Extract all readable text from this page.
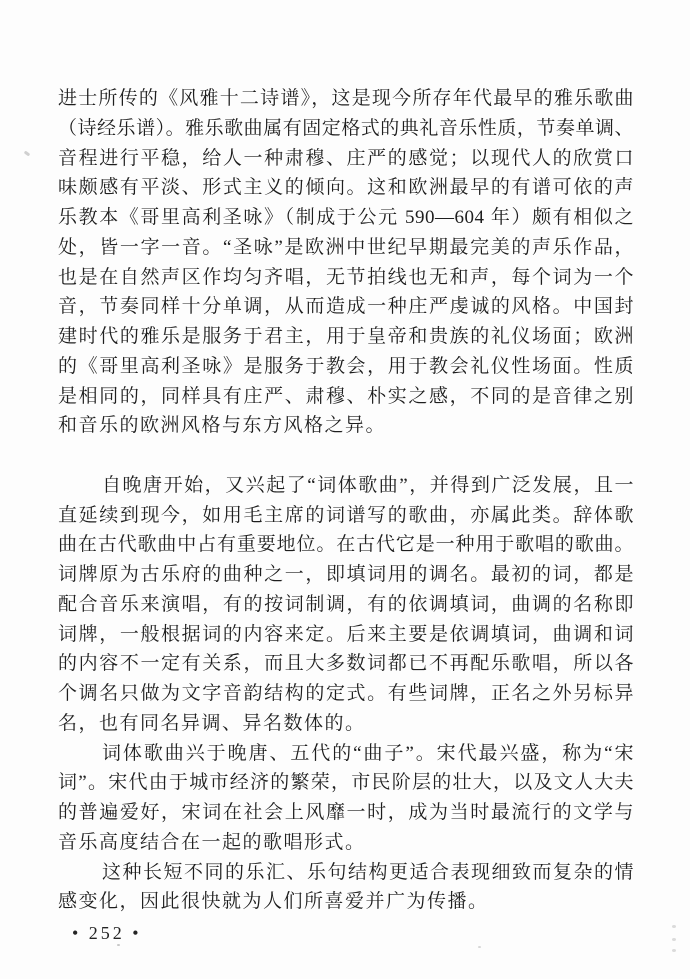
进士所传的《风雅十二诗谱》，这是现今所存年代最早的雅乐歌曲
（诗经乐谱）。雅乐歌曲属有固定格式的典礼音乐性质，节奏单调、
音程进行平稳，给人一种肃穆、庄严的感觉；以现代人的欣赏口
味颇感有平淡、形式主义的倾向。这和欧洲最早的有谱可依的声
乐教本《哥里高利圣咏》（制成于公元 590—604 年）颇有相似之
处，皆一字一音。“圣咏”是欧洲中世纪早期最完美的声乐作品，
也是在自然声区作均匀齐唱，无节拍线也无和声，每个词为一个
音，节奏同样十分单调，从而造成一种庄严虔诚的风格。中国封
建时代的雅乐是服务于君主，用于皇帝和贵族的礼仪场面；欧洲
的《哥里高利圣咏》是服务于教会，用于教会礼仪性场面。性质
是相同的，同样具有庄严、肃穆、朴实之感，不同的是音律之别
和音乐的欧洲风格与东方风格之异。

自晚唐开始，又兴起了“词体歌曲”，并得到广泛发展，且一
直延续到现今，如用毛主席的词谱写的歌曲，亦属此类。辞体歌
曲在古代歌曲中占有重要地位。在古代它是一种用于歌唱的歌曲。
词牌原为古乐府的曲种之一，即填词用的调名。最初的词，都是
配合音乐来演唱，有的按词制调，有的依调填词，曲调的名称即
词牌，一般根据词的内容来定。后来主要是依调填词，曲调和词
的内容不一定有关系，而且大多数词都已不再配乐歌唱，所以各
个调名只做为文字音韵结构的定式。有些词牌，正名之外另标异
名，也有同名异调、异名数体的。

词体歌曲兴于晚唐、五代的“曲子”。宋代最兴盛，称为“宋
词”。宋代由于城市经济的繁荣，市民阶层的壮大，以及文人大夫
的普遍爱好，宋词在社会上风靡一时，成为当时最流行的文学与
音乐高度结合在一起的歌唱形式。

这种长短不同的乐汇、乐句结构更适合表现细致而复杂的情
感变化，因此很快就为人们所喜爱并广为传播。

• 252 •
